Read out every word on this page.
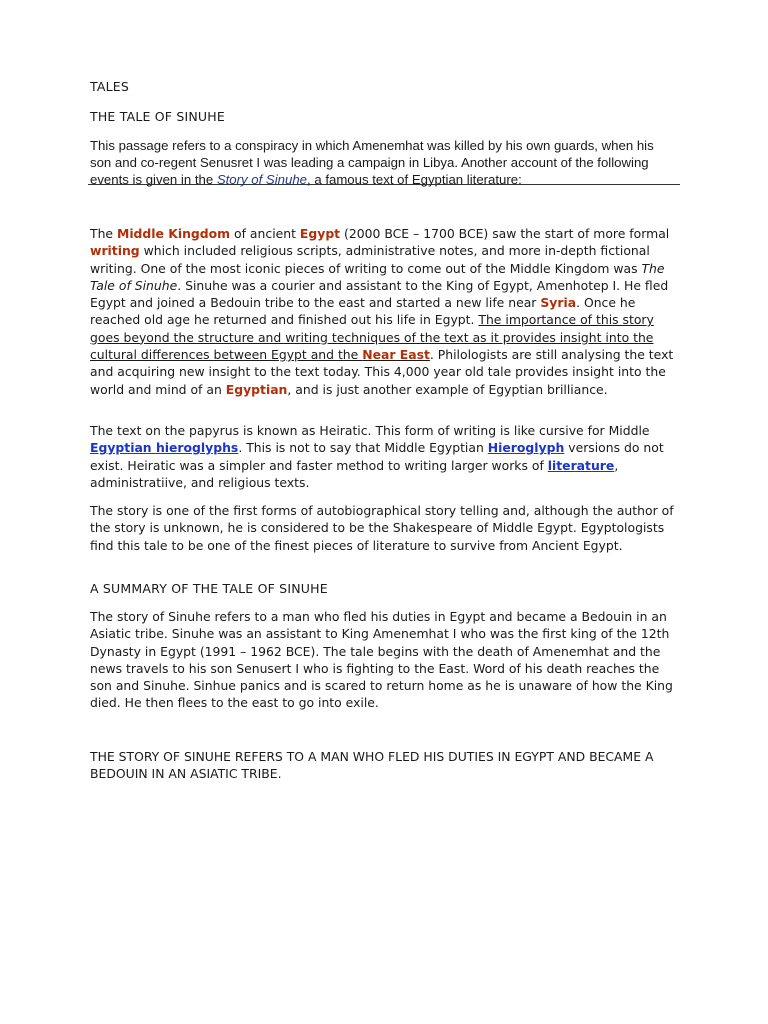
TALES
THE TALE OF SINUHE
This passage refers to a conspiracy in which Amenemhat was killed by his own guards, when his son and co-regent Senusret I was leading a campaign in Libya. Another account of the following events is given in the Story of Sinuhe, a famous text of Egyptian literature:

The Middle Kingdom of ancient Egypt (2000 BCE – 1700 BCE) saw the start of more formal writing which included religious scripts, administrative notes, and more in-depth fictional writing. One of the most iconic pieces of writing to come out of the Middle Kingdom was The Tale of Sinuhe. Sinuhe was a courier and assistant to the King of Egypt, Amenhotep I. He fled Egypt and joined a Bedouin tribe to the east and started a new life near Syria. Once he reached old age he returned and finished out his life in Egypt. The importance of this story goes beyond the structure and writing techniques of the text as it provides insight into the cultural differences between Egypt and the Near East. Philologists are still analysing the text and acquiring new insight to the text today. This 4,000 year old tale provides insight into the world and mind of an Egyptian, and is just another example of Egyptian brilliance.

The text on the papyrus is known as Heiratic. This form of writing is like cursive for Middle Egyptian hieroglyphs. This is not to say that Middle Egyptian Hieroglyph versions do not exist. Heiratic was a simpler and faster method to writing larger works of literature, administratiive, and religious texts.

The story is one of the first forms of autobiographical story telling and, although the author of the story is unknown, he is considered to be the Shakespeare of Middle Egypt. Egyptologists find this tale to be one of the finest pieces of literature to survive from Ancient Egypt.

A SUMMARY OF THE TALE OF SINUHE

The story of Sinuhe refers to a man who fled his duties in Egypt and became a Bedouin in an Asiatic tribe. Sinuhe was an assistant to King Amenemhat I who was the first king of the 12th Dynasty in Egypt (1991 – 1962 BCE). The tale begins with the death of Amenemhat and the news travels to his son Senusert I who is fighting to the East. Word of his death reaches the son and Sinuhe. Sinhue panics and is scared to return home as he is unaware of how the King died. He then flees to the east to go into exile.

THE STORY OF SINUHE REFERS TO A MAN WHO FLED HIS DUTIES IN EGYPT AND BECAME A BEDOUIN IN AN ASIATIC TRIBE.
